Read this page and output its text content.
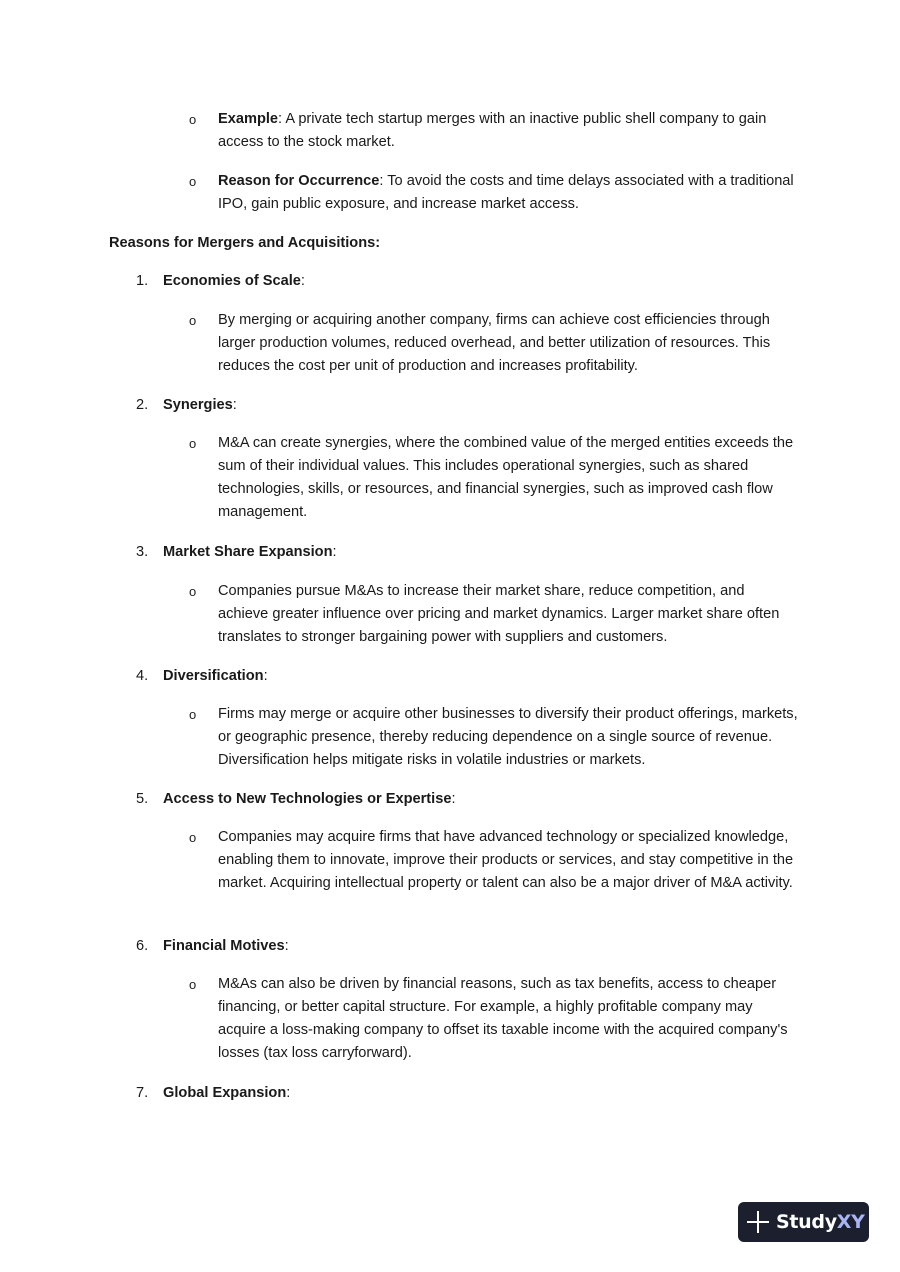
o Example: A private tech startup merges with an inactive public shell company to gain access to the stock market.
o Reason for Occurrence: To avoid the costs and time delays associated with a traditional IPO, gain public exposure, and increase market access.
Reasons for Mergers and Acquisitions:
1. Economies of Scale:
o By merging or acquiring another company, firms can achieve cost efficiencies through larger production volumes, reduced overhead, and better utilization of resources. This reduces the cost per unit of production and increases profitability.
2. Synergies:
o M&A can create synergies, where the combined value of the merged entities exceeds the sum of their individual values. This includes operational synergies, such as shared technologies, skills, or resources, and financial synergies, such as improved cash flow management.
3. Market Share Expansion:
o Companies pursue M&As to increase their market share, reduce competition, and achieve greater influence over pricing and market dynamics. Larger market share often translates to stronger bargaining power with suppliers and customers.
4. Diversification:
o Firms may merge or acquire other businesses to diversify their product offerings, markets, or geographic presence, thereby reducing dependence on a single source of revenue. Diversification helps mitigate risks in volatile industries or markets.
5. Access to New Technologies or Expertise:
o Companies may acquire firms that have advanced technology or specialized knowledge, enabling them to innovate, improve their products or services, and stay competitive in the market. Acquiring intellectual property or talent can also be a major driver of M&A activity.
6. Financial Motives:
o M&As can also be driven by financial reasons, such as tax benefits, access to cheaper financing, or better capital structure. For example, a highly profitable company may acquire a loss-making company to offset its taxable income with the acquired company's losses (tax loss carryforward).
7. Global Expansion:
StudyXY
